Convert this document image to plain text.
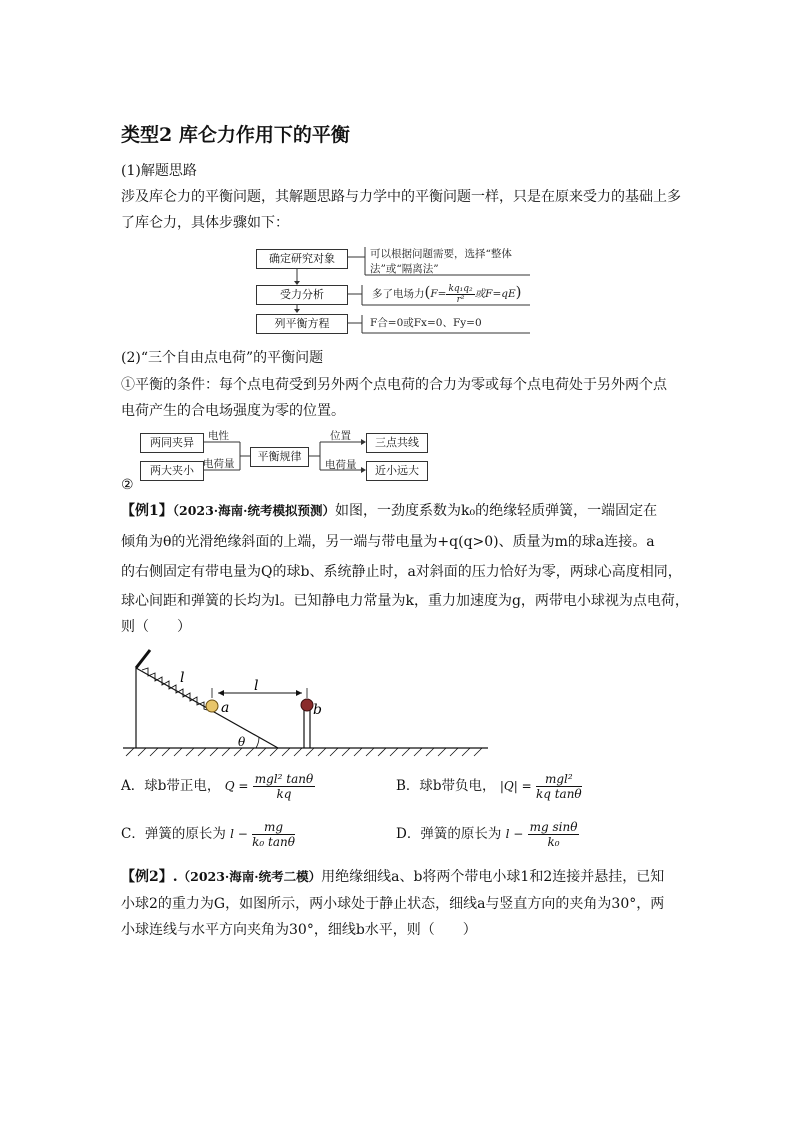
类型2 库仑力作用下的平衡
(1)解题思路
涉及库仑力的平衡问题，其解题思路与力学中的平衡问题一样，只是在原来受力的基础上多
了库仑力，具体步骤如下：
确定研究对象
受力分析
列平衡方程
可以根据问题需要，选择“整体
法”或“隔离法”
多了电场力($F= \frac{\text{kq₁q₂}}{\text{r²}}$ 或F=qE)
F合=0或Fx=0、Fy=0
(2)“三个自由点电荷”的平衡问题
①平衡的条件：每个点电荷受到另外两个点电荷的合力为零或每个点电荷处于另外两个点
电荷产生的合电场强度为零的位置。
两同夹异
两大夹小
电性
电荷量
平衡规律
位置
电荷量
三点共线
近小远大
②
【例1】（2023·海南·统考模拟预测）如图，一劲度系数为k₀的绝缘轻质弹簧，一端固定在
倾角为θ的光滑绝缘斜面的上端，另一端与带电量为+q(q>0)、质量为m的球a连接。a
的右侧固定有带电量为Q的球b、系统静止时，a对斜面的压力恰好为零，两球心高度相同，
球心间距和弹簧的长均为l。已知静电力常量为k，重力加速度为g，两带电小球视为点电荷，
则（　　）
l
l
a	b
θ
A．球b带正电， $Q = \frac{\text{mgl² tanθ}}{kq}$	B．球b带负电， $|Q| = \frac{\text{mgl²}}{\text{kq tanθ}}$
C．弹簧的原长为 $l - \frac{mg}{\text{k₀ tanθ}}$	D．弹簧的原长为 $l - \frac{\text{mg sinθ}}{\text{k₀}}$
【例2】.（2023·海南·统考二模）用绝缘细线a、b将两个带电小球1和2连接并悬挂，已知
小球2的重力为G，如图所示，两小球处于静止状态，细线a与竖直方向的夹角为30°，两
小球连线与水平方向夹角为30°，细线b水平，则（　　）
